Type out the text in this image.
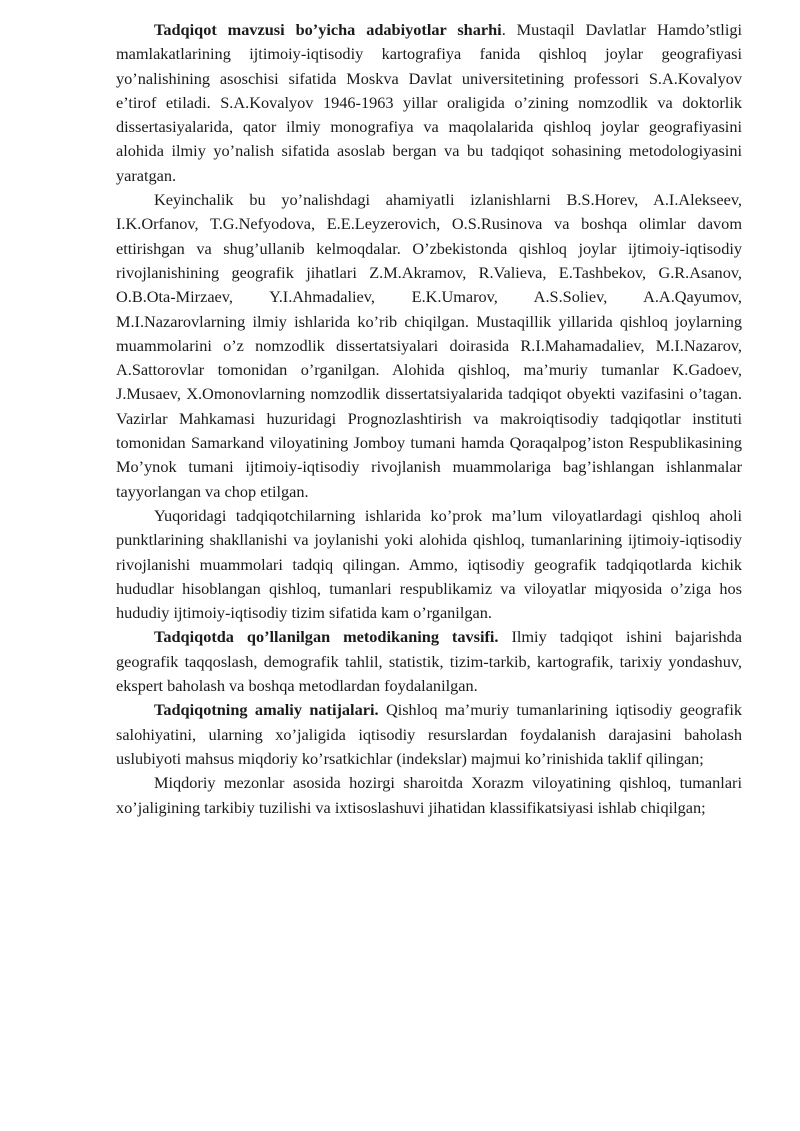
Tadqiqot mavzusi bo’yicha adabiyotlar sharhi. Mustaqil Davlatlar Hamdo’stligi mamlakatlarining ijtimoiy-iqtisodiy kartografiya fanida qishloq joylar geografiyasi yo’nalishining asoschisi sifatida Moskva Davlat universitetining professori S.A.Kovalyov e’tirof etiladi. S.A.Kovalyov 1946-1963 yillar oraligida o’zining nomzodlik va doktorlik dissertasiyalarida, qator ilmiy monografiya va maqolalarida qishloq joylar geografiyasini alohida ilmiy yo’nalish sifatida asoslab bergan va bu tadqiqot sohasining metodologiyasini yaratgan.

Keyinchalik bu yo’nalishdagi ahamiyatli izlanishlarni B.S.Horev, A.I.Alekseev, I.K.Orfanov, T.G.Nefyodova, E.E.Leyzerovich, O.S.Rusinova va boshqa olimlar davom ettirishgan va shug’ullanib kelmoqdalar. O’zbekistonda qishloq joylar ijtimoiy-iqtisodiy rivojlanishining geografik jihatlari Z.M.Akramov, R.Valieva, E.Tashbekov, G.R.Asanov, O.B.Ota-Mirzaev, Y.I.Ahmadaliev, E.K.Umarov, A.S.Soliev, A.A.Qayumov, M.I.Nazarovlarning ilmiy ishlarida ko’rib chiqilgan. Mustaqillik yillarida qishloq joylarning muammolarini o’z nomzodlik dissertatsiyalari doirasida R.I.Mahamadaliev, M.I.Nazarov, A.Sattorovlar tomonidan o’rganilgan. Alohida qishloq, ma’muriy tumanlar K.Gadoev, J.Musaev, X.Omonovlarning nomzodlik dissertatsiyalarida tadqiqot obyekti vazifasini o’tagan. Vazirlar Mahkamasi huzuridagi Prognozlashtirish va makroiqtisodiy tadqiqotlar instituti tomonidan Samarkand viloyatining Jomboy tumani hamda Qoraqalpog’iston Respublikasining Mo’ynok tumani ijtimoiy-iqtisodiy rivojlanish muammolariga bag’ishlangan ishlanmalar tayyorlangan va chop etilgan.

Yuqoridagi tadqiqotchilarning ishlarida ko’prok ma’lum viloyatlardagi qishloq aholi punktlarining shakllanishi va joylanishi yoki alohida qishloq, tumanlarining ijtimoiy-iqtisodiy rivojlanishi muammolari tadqiq qilingan. Ammo, iqtisodiy geografik tadqiqotlarda kichik hududlar hisoblangan qishloq, tumanlari respublikamiz va viloyatlar miqyosida o’ziga hos hududiy ijtimoiy-iqtisodiy tizim sifatida kam o’rganilgan.

Tadqiqotda qo’llanilgan metodikaning tavsifi. Ilmiy tadqiqot ishini bajarishda geografik taqqoslash, demografik tahlil, statistik, tizim-tarkib, kartografik, tarixiy yondashuv, ekspert baholash va boshqa metodlardan foydalanilgan.

Tadqiqotning amaliy natijalari. Qishloq ma’muriy tumanlarining iqtisodiy geografik salohiyatini, ularning xo’jaligida iqtisodiy resurslardan foydalanish darajasini baholash uslubiyoti mahsus miqdoriy ko’rsatkichlar (indekslar) majmui ko’rinishida taklif qilingan;

Miqdoriy mezonlar asosida hozirgi sharoitda Xorazm viloyatining qishloq, tumanlari xo’jaligining tarkibiy tuzilishi va ixtisoslashuvi jihatidan klassifikatsiyasi ishlab chiqilgan;
